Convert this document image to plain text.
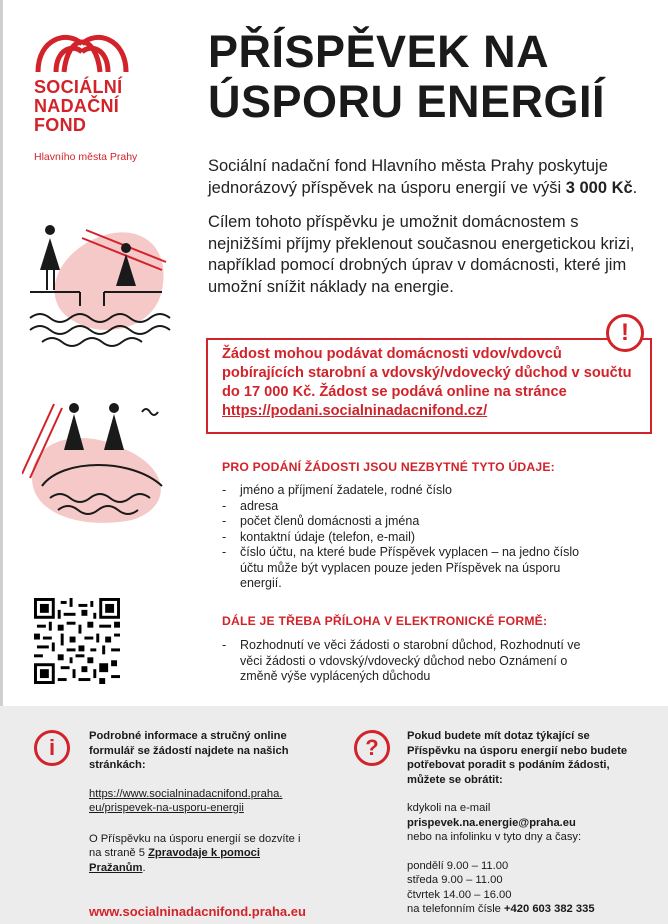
SOCIÁLNÍ
NADAČNÍ
FOND
Hlavního města Prahy
PŘÍSPĚVEK NA
ÚSPORU ENERGIÍ

Sociální nadační fond Hlavního města Prahy poskytuje jednorázový příspěvek na úsporu energií ve výši 3 000 Kč.

Cílem tohoto příspěvku je umožnit domácnostem s nejnižšími příjmy překlenout současnou energetickou krizi, například pomocí drobných úprav v domácnosti, které jim umožní snížit náklady na energie.

!
Žádost mohou podávat domácnosti vdov/vdovců pobírajících starobní a vdovský/vdovecký důchod v součtu do 17 000 Kč. Žádost se podává online na stránce https://podani.socialninadacnifond.cz/
PRO PODÁNÍ ŽÁDOSTI JSOU NEZBYTNÉ TYTO ÚDAJE:
- jméno a příjmení žadatele, rodné číslo
- adresa
- počet členů domácnosti a jména
- kontaktní údaje (telefon, e-mail)
- číslo účtu, na které bude Příspěvek vyplacen – na jedno číslo účtu může být vyplacen pouze jeden Příspěvek na úsporu energií.
DÁLE JE TŘEBA PŘÍLOHA V ELEKTRONICKÉ FORMĚ:
- Rozhodnutí ve věci žádosti o starobní důchod, Rozhodnutí ve věci žádosti o vdovský/vdovecký důchod nebo Oznámení o změně výše vyplácených důchodu
i	Podrobné informace a stručný online formulář se žádostí najdete na našich stránkách:
https://www.socialninadacnifond.praha.
eu/prispevek-na-usporu-energii
O Příspěvku na úsporu energií se dozvíte i na straně 5 Zpravodaje k pomoci Pražanům.
www.socialninadacnifond.praha.eu
?	Pokud budete mít dotaz týkající se Příspěvku na úsporu energií nebo budete potřebovat poradit s podáním žádosti, můžete se obrátit:
kdykoli na e-mail
prispevek.na.energie@praha.eu
nebo na infolinku v tyto dny a časy:
pondělí 9.00 – 11.00
středa 9.00 – 11.00
čtvrtek 14.00 – 16.00
na telefonním čísle +420 603 382 335
